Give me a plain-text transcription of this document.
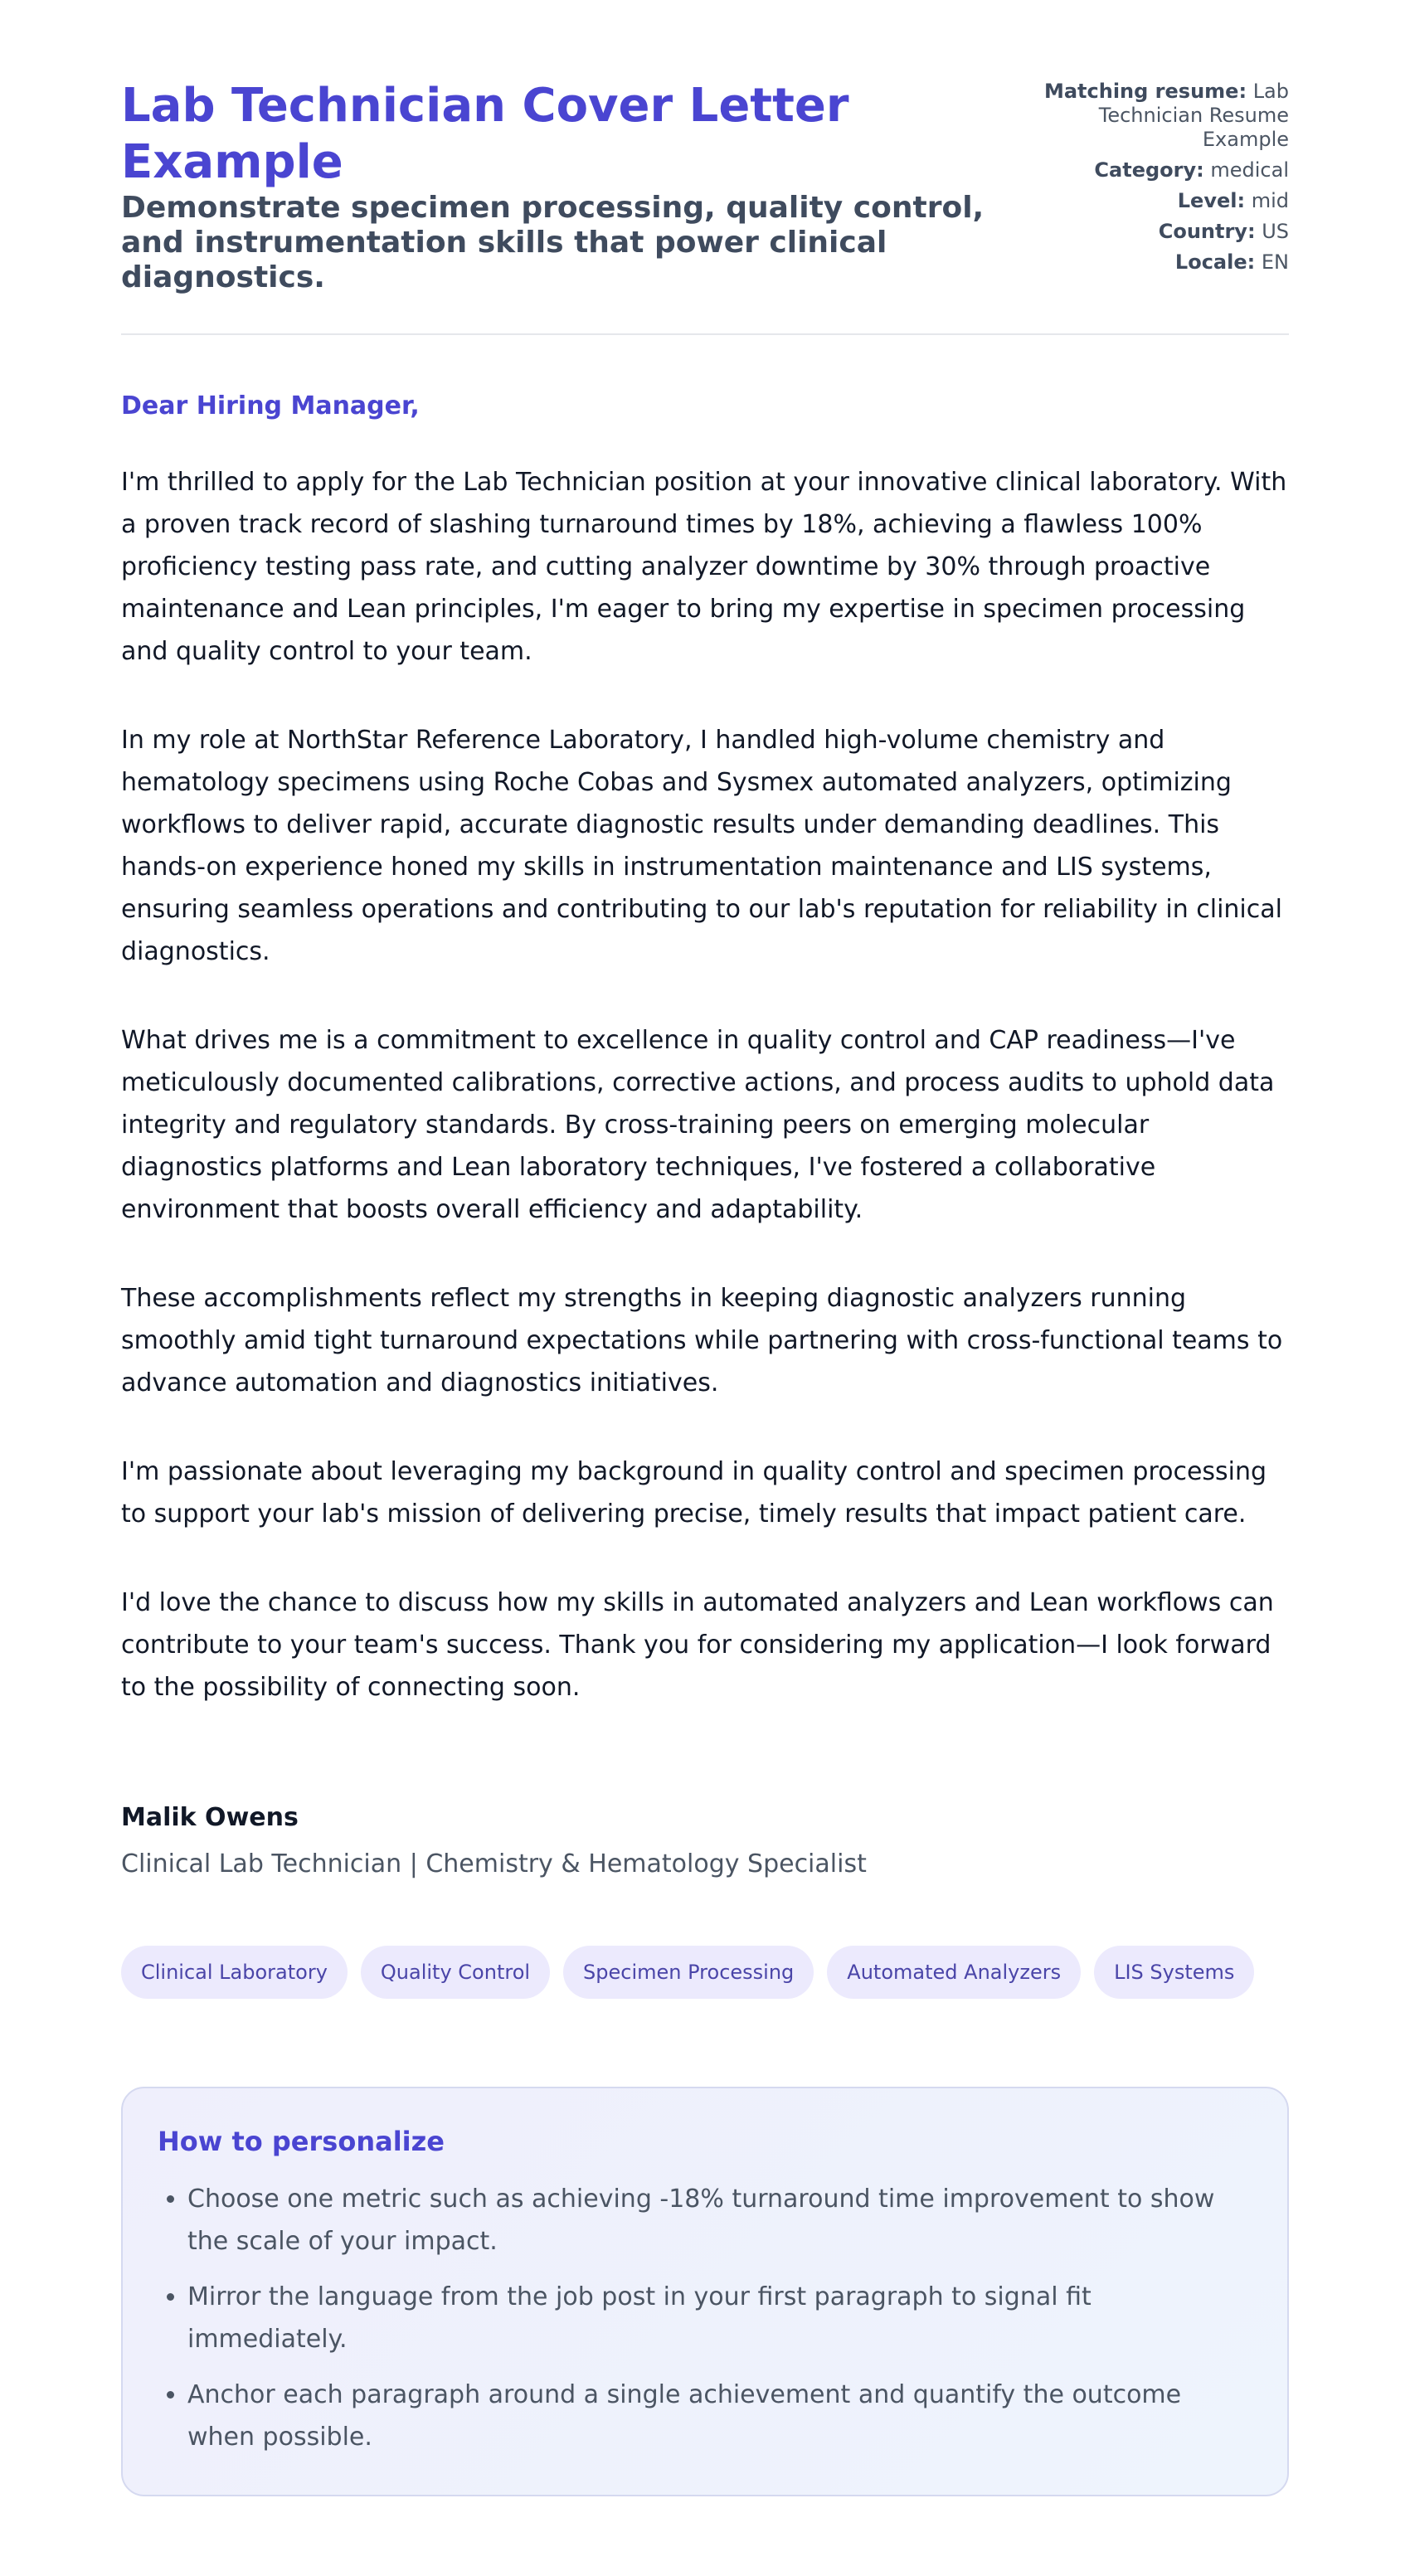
Lab Technician Cover Letter Example

Demonstrate specimen processing, quality control, and instrumentation skills that power clinical diagnostics.

Matching resume: Lab Technician Resume Example
Category: medical
Level: mid
Country: US
Locale: EN

Dear Hiring Manager,

I'm thrilled to apply for the Lab Technician position at your innovative clinical laboratory. With a proven track record of slashing turnaround times by 18%, achieving a flawless 100% proficiency testing pass rate, and cutting analyzer downtime by 30% through proactive maintenance and Lean principles, I'm eager to bring my expertise in specimen processing and quality control to your team.

In my role at NorthStar Reference Laboratory, I handled high-volume chemistry and hematology specimens using Roche Cobas and Sysmex automated analyzers, optimizing workflows to deliver rapid, accurate diagnostic results under demanding deadlines. This hands-on experience honed my skills in instrumentation maintenance and LIS systems, ensuring seamless operations and contributing to our lab's reputation for reliability in clinical diagnostics.

What drives me is a commitment to excellence in quality control and CAP readiness—I've meticulously documented calibrations, corrective actions, and process audits to uphold data integrity and regulatory standards. By cross-training peers on emerging molecular diagnostics platforms and Lean laboratory techniques, I've fostered a collaborative environment that boosts overall efficiency and adaptability.

These accomplishments reflect my strengths in keeping diagnostic analyzers running smoothly amid tight turnaround expectations while partnering with cross-functional teams to advance automation and diagnostics initiatives.

I'm passionate about leveraging my background in quality control and specimen processing to support your lab's mission of delivering precise, timely results that impact patient care.

I'd love the chance to discuss how my skills in automated analyzers and Lean workflows can contribute to your team's success. Thank you for considering my application—I look forward to the possibility of connecting soon.

Malik Owens

Clinical Lab Technician | Chemistry & Hematology Specialist

Clinical Laboratory	Quality Control	Specimen Processing	Automated Analyzers	LIS Systems
How to personalize
• Choose one metric such as achieving -18% turnaround time improvement to show the scale of your impact.
• Mirror the language from the job post in your first paragraph to signal fit immediately.
• Anchor each paragraph around a single achievement and quantify the outcome when possible.
